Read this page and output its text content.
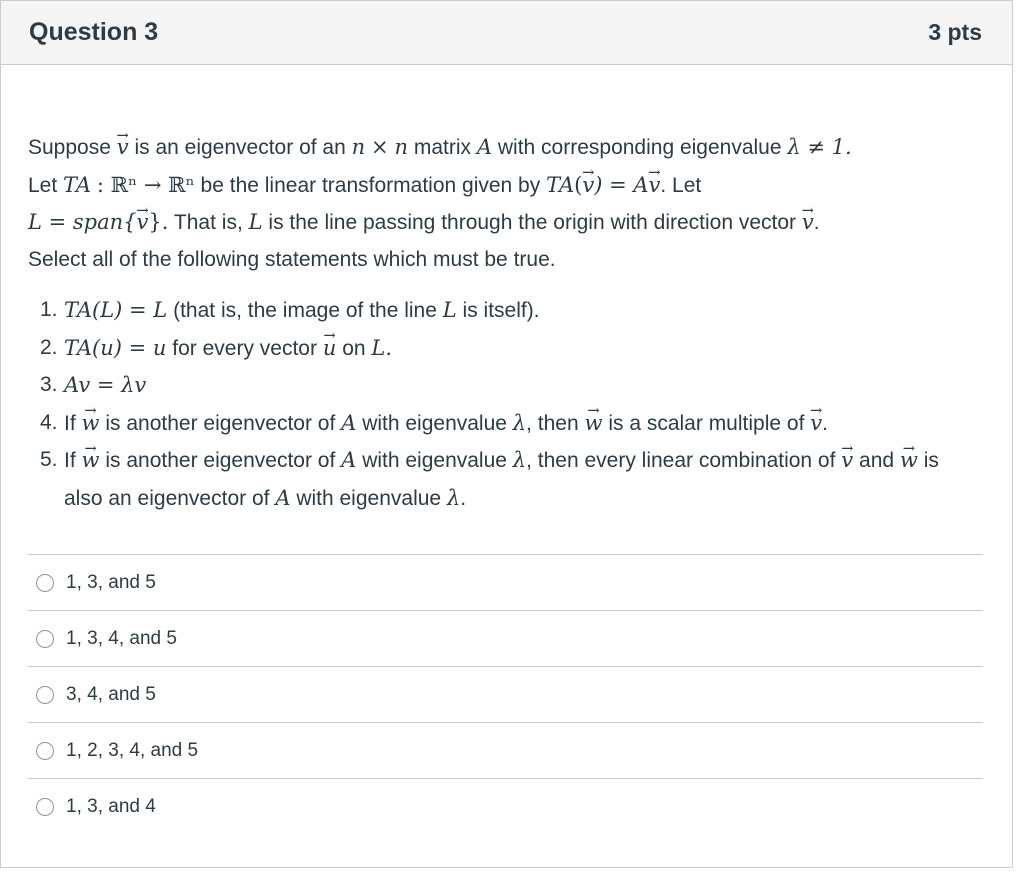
Question 3	3 pts
Suppose → v is an eigenvector of an n × n matrix A with corresponding eigenvalue λ ≠ 1.
Let TA : ℝⁿ → ℝⁿ be the linear transformation given by TA(→ v) = A→ v. Let
L = span{→ v}. That is, L is the line passing through the origin with direction vector → v.
Select all of the following statements which must be true.
1. TA(L) = L (that is, the image of the line L is itself).
2. TA(u) = u for every vector → u on L.
3. Av = λv
4. If → w is another eigenvector of A with eigenvalue λ, then → w is a scalar multiple of → v.
5. If → w is another eigenvector of A with eigenvalue λ, then every linear combination of → v and → w is also an eigenvector of A with eigenvalue λ.
1, 3, and 5
1, 3, 4, and 5
3, 4, and 5
1, 2, 3, 4, and 5
1, 3, and 4
